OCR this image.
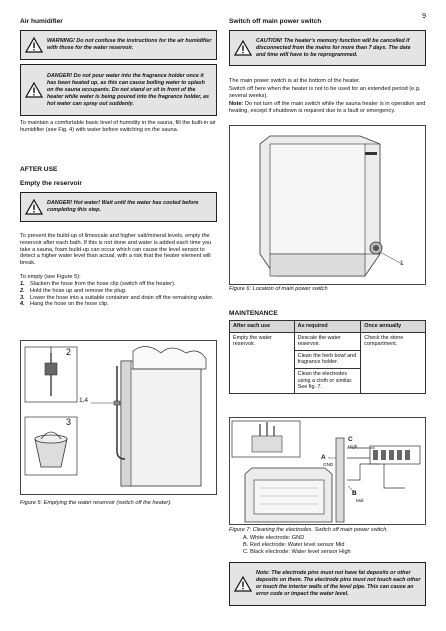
9
Air humidifier
WARNING! Do not confuse the instructions for the air humidifier with those for the water reservoir.
DANGER! Do not pour water into the fragrance holder once it has been heated up, as this can cause boiling water to splash on the sauna occupants. Do not stand or sit in front of the heater while water is being poured into the fragrance holder, as hot water can spray out suddenly.
To maintain a comfortable basic level of humidity in the sauna, fill the built-in air humidifier (see Fig. 4) with water before switching on the sauna.
AFTER USE
Empty the reservoir
DANGER! Hot water! Wait until the water has cooled before completing this step.
To prevent the build-up of limescale and higher salt/mineral levels, empty the reservoir after each bath. If this is not done and water is added each time you take a sauna, foam build-up can occur which can cause the level sensor to detect a higher water level than actual, with a risk that the heater element will break.
To empty (see Figure 5):
1. Slacken the hose from the hose clip (switch off the heater).
2. Hold the hose up and remove the plug.
3. Lower the hose into a suitable container and drain off the remaining water.
4. Hang the hose on the hose clip.
2
1,4
3
Figure 5: Emptying the water reservoir (switch off the heater).
Switch off main power switch
CAUTION! The heater's memory function will be cancelled if disconnected from the mains for more than 7 days. The date and time will have to be reprogrammed.
The main power switch is at the bottom of the heater.
Switch off here when the heater is not to be used for an extended period (e.g. several weeks).
Note: Do not turn off the main switch while the sauna heater is in operation and heating, except if shutdown is required due to a fault or emergency.
1
Figure 6: Location of main power switch
MAINTENANCE
After each use	As required	Once annually
Empty the water reservoir.	Descale the water reservoir.	Check the stone compartment.
	Clean the herb bowl and fragrance holder.	
	Clean the electrodes using a cloth or similar. See fig. 7.	
C
High
A
GND
B
Mid
Figure 7: Cleaning the electrodes. Switch off main power switch.
A. White electrode: GND
B. Red electrode: Water level sensor Mid
C. Black electrode: Water level sensor High
Note: The electrode pins must not have fat deposits or other deposits on them. The electrode pins must not touch each other or touch the interior walls of the level pipe. This can cause an error code or impact the water level.
